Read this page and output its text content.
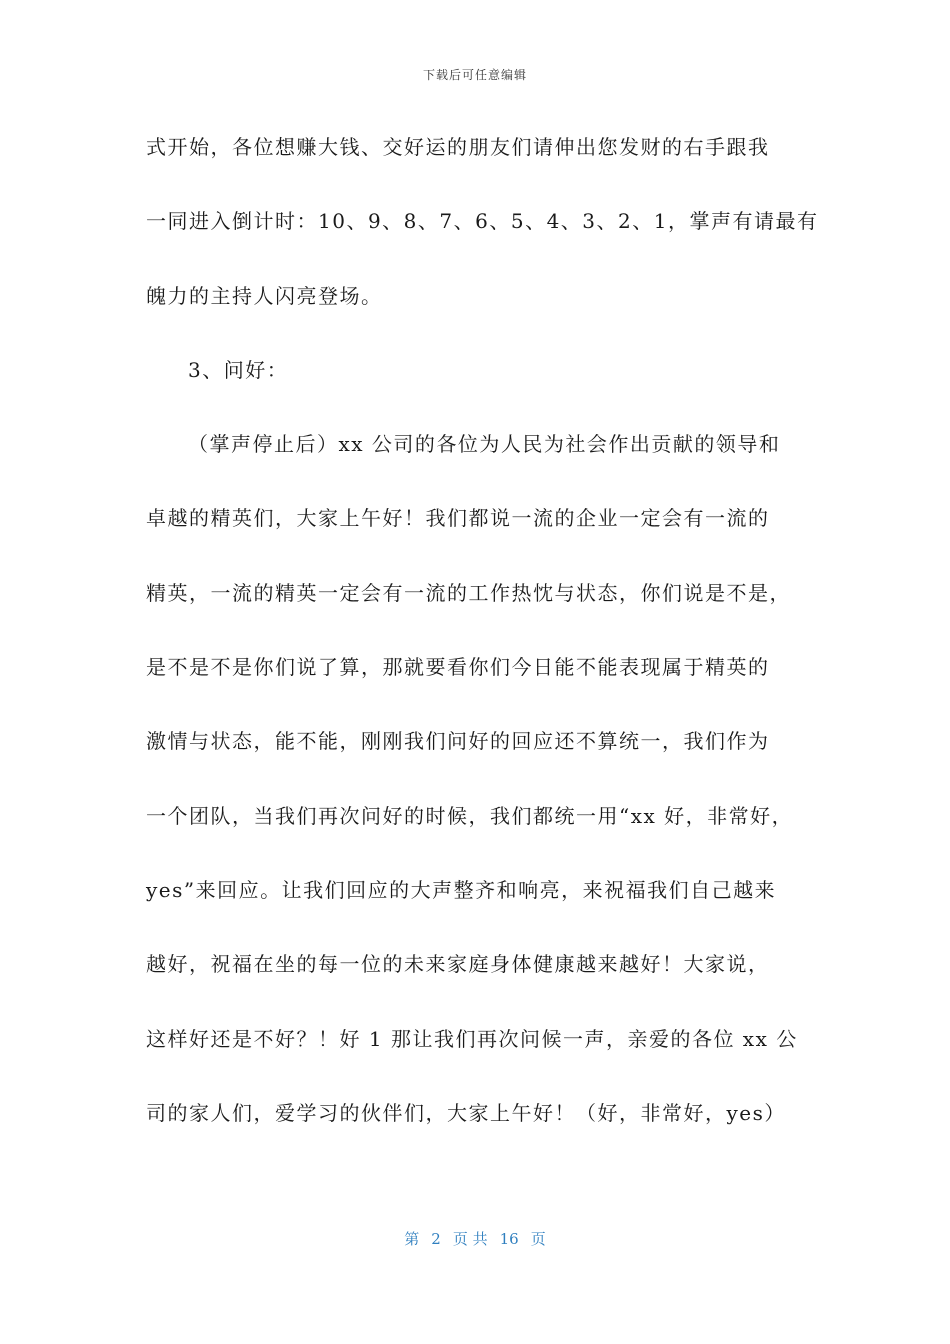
下载后可任意编辑
式开始，各位想赚大钱、交好运的朋友们请伸出您发财的右手跟我
一同进入倒计时：10、9、8、7、6、5、4、3、2、1，掌声有请最有
魄力的主持人闪亮登场。
3、问好：
（掌声停止后）xx 公司的各位为人民为社会作出贡献的领导和
卓越的精英们，大家上午好！我们都说一流的企业一定会有一流的
精英，一流的精英一定会有一流的工作热忱与状态，你们说是不是，
是不是不是你们说了算，那就要看你们今日能不能表现属于精英的
激情与状态，能不能，刚刚我们问好的回应还不算统一，我们作为
一个团队，当我们再次问好的时候，我们都统一用“xx 好，非常好，
yes”来回应。让我们回应的大声整齐和响亮，来祝福我们自己越来
越好，祝福在坐的每一位的未来家庭身体健康越来越好！大家说，
这样好还是不好？！好 1 那让我们再次问候一声，亲爱的各位 xx 公
司的家人们，爱学习的伙伴们，大家上午好！（好，非常好，yes）
第 2 页 共 16 页
